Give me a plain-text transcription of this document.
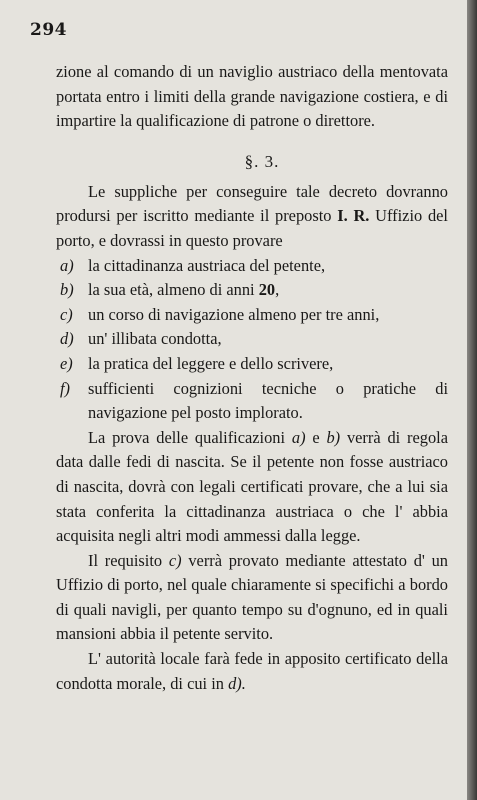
294

zione al comando di un naviglio austriaco della mentovata portata entro i limiti della grande navigazione costiera, e di impartire la qualificazione di patrone o direttore.

§. 3.

Le suppliche per conseguire tale decreto dovranno prodursi per iscritto mediante il preposto I. R. Uffizio del porto, e dovrassi in questo provare

a) la cittadinanza austriaca del petente,
b) la sua età, almeno di anni 20,
c) un corso di navigazione almeno per tre anni,
d) un' illibata condotta,
e) la pratica del leggere e dello scrivere,
f)	sufficienti cognizioni tecniche o pratiche di navigazione pel posto implorato.

La prova delle qualificazioni a) e b) verrà di regola data dalle fedi di nascita. Se il petente non fosse austriaco di nascita, dovrà con legali certificati provare, che a lui sia stata conferita la cittadinanza austriaca o che l' abbia acquisita negli altri modi ammessi dalla legge.

Il requisito c) verrà provato mediante attestato d' un Uffizio di porto, nel quale chiaramente si specifichi a bordo di quali navigli, per quanto tempo su d'ognuno, ed in quali mansioni abbia il petente servito.

L' autorità locale farà fede in apposito certificato della condotta morale, di cui in d).
